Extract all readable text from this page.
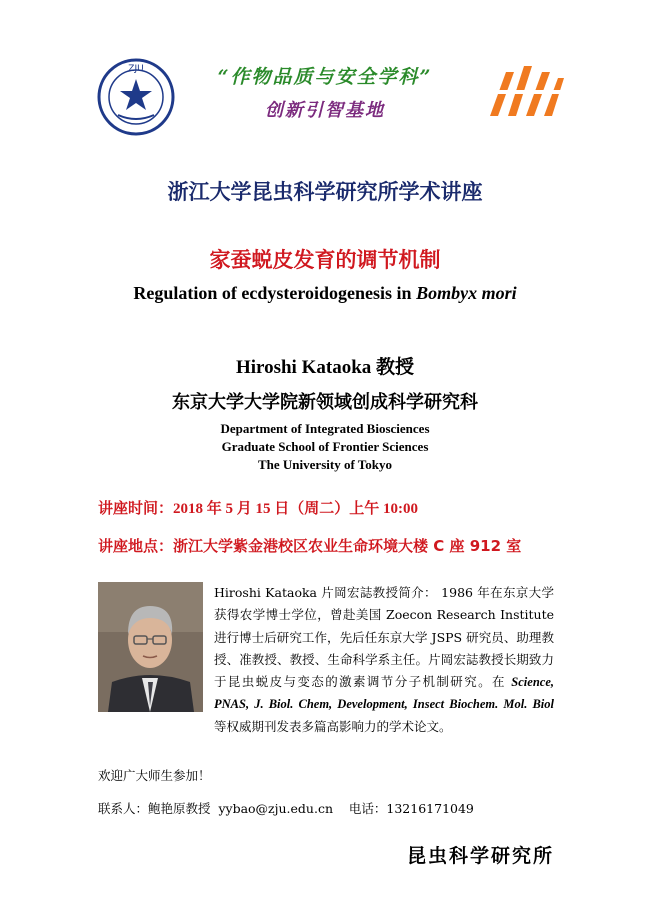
ZJU	“作物品质与安全学科”
创新引智基地
浙江大学昆虫科学研究所学术讲座
家蚕蜕皮发育的调节机制
Regulation of ecdysteroidogenesis in Bombyx mori
Hiroshi Kataoka 教授
东京大学大学院新领域创成科学研究科
Department of Integrated Biosciences
Graduate School of Frontier Sciences
The University of Tokyo
讲座时间：2018 年 5 月 15 日（周二）上午 10:00
讲座地点：浙江大学紫金港校区农业生命环境大楼 C 座 912 室
Hiroshi Kataoka 片岡宏誌教授简介： 1986 年在东京大学获得农学博士学位，曾赴美国 Zoecon Research Institute 进行博士后研究工作，先后任东京大学 JSPS 研究员、助理教授、准教授、教授、生命科学系主任。片岡宏誌教授长期致力于昆虫蜕皮与变态的激素调节分子机制研究。在 Science, PNAS, J. Biol. Chem, Development, Insect Biochem. Mol. Biol 等权威期刊发表多篇高影响力的学术论文。
欢迎广大师生参加！
联系人：鲍艳原教授  yybao@zju.edu.cn    电话：13216171049
昆虫科学研究所
